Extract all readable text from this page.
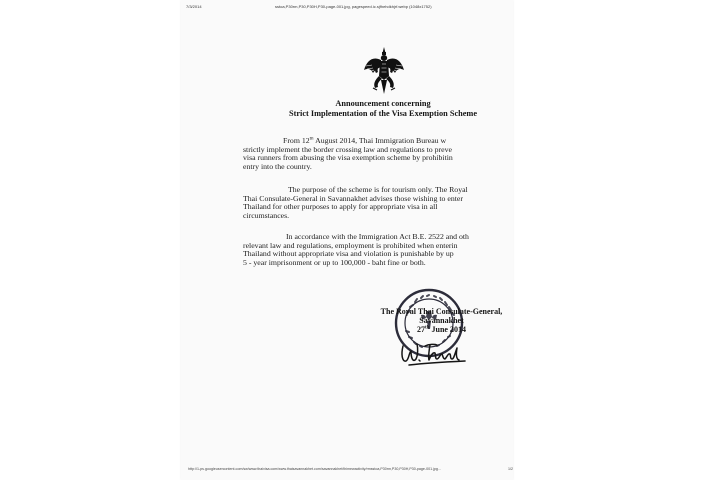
7/3/2014	sstoa,P30rm,P30,P30H,P30-page-001.jpg, pagespeed.ic.sjfhehdkhjrf.webp (1048x1752)
Announcement concerning
Strict Implementation of the Visa Exemption Scheme
From 12th August 2014, Thai Immigration Bureau w
strictly implement the border crossing law and regulations to preve
visa runners from abusing the visa exemption scheme by prohibitin
entry into the country.
The purpose of the scheme is for tourism only. The Royal
Thai Consulate-General in Savannakhet advises those wishing to enter
Thailand for other purposes to apply for appropriate visa in all
circumstances.
In accordance with the Immigration Act B.E. 2522 and oth
relevant law and regulations, employment is prohibited when enterin
Thailand without appropriate visa and violation is punishable by up
5 - year imprisonment or up to 100,000 - baht fine or both.
The Royal Thai Consulate-General,
Savannakhet
27th June 2014
http://1-ps.googleusercontent.com/sw/www.thaivisa.com/www.thaisavannakhet.com/savannakhet/thimewactivity/rmsstoa,P30rm,P30,P30H,P30-page-001.jpg...	1/2
